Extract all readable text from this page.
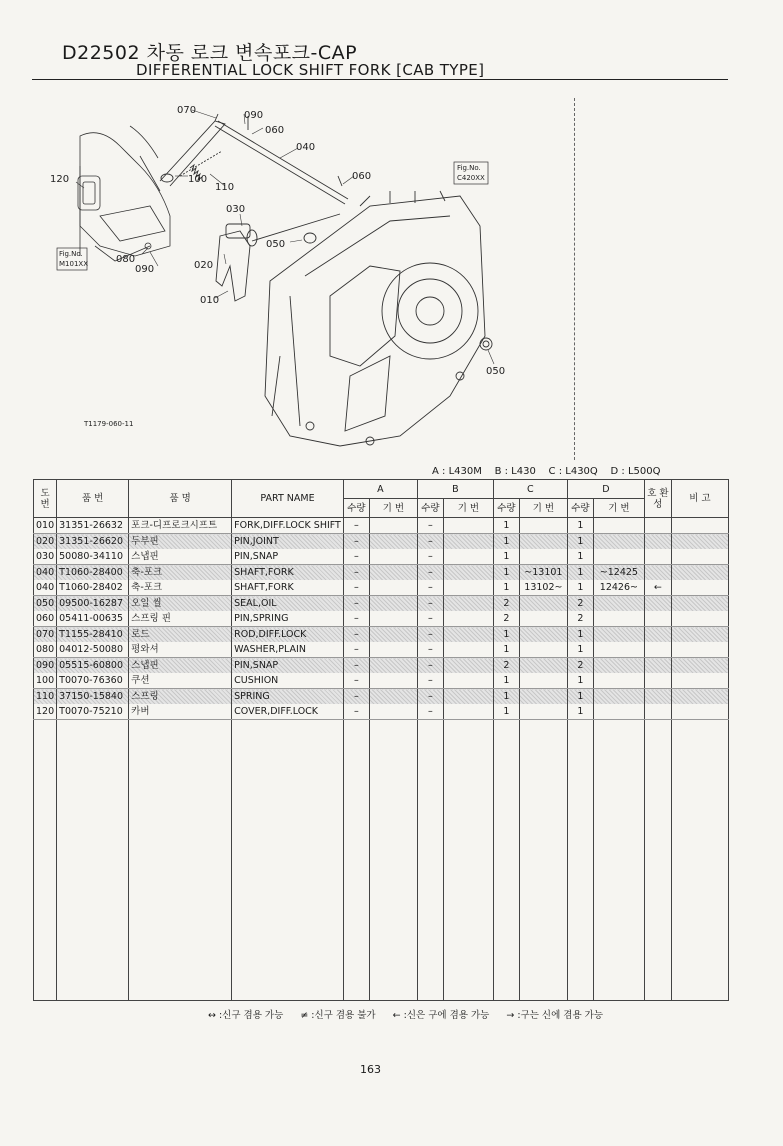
D22502 차동 로크 변속포크-CAP
DIFFERENTIAL LOCK SHIFT FORK [CAB TYPE]
070	090
060
040
060
120	100
110
030
050
020
080
090
010
050
Fig.No.
M101XX
Fig.No.
C420XX
T1179-060-11
A : L430M B : L430 C : L430Q D : L500Q
도 번	품 번	품 명	PART NAME	A		B		C		D		호 환 성	비 고
				수량	기 번	수량	기 번	수량	기 번	수량	기 번		
010	31351-26632	포크-디프로크시프트	FORK,DIFF.LOCK SHIFT	–		–		1		1			
020	31351-26620	두부핀	PIN,JOINT	–		–		1		1			
030	50080-34110	스냅핀	PIN,SNAP	–		–		1		1			
040	T1060-28400	축-포크	SHAFT,FORK	–		–		1	~13101	1	~12425		
040	T1060-28402	축-포크	SHAFT,FORK	–		–		1	13102~	1	12426~	←	
050	09500-16287	오일 씰	SEAL,OIL	–		–		2		2			
060	05411-00635	스프링 핀	PIN,SPRING	–		–		2		2			
070	T1155-28410	로드	ROD,DIFF.LOCK	–		–		1		1			
080	04012-50080	평와셔	WASHER,PLAIN	–		–		1		1			
090	05515-60800	스냅핀	PIN,SNAP	–		–		2		2			
100	T0070-76360	쿠션	CUSHION	–		–		1		1			
110	37150-15840	스프링	SPRING	–		–		1		1			
120	T0070-75210	카버	COVER,DIFF.LOCK	–		–		1		1			

↔ :신구 겸용 가능 ≠ :신구 겸용 불가 ← :신은 구에 겸용 가능 → :구는 신에 겸용 가능
163
